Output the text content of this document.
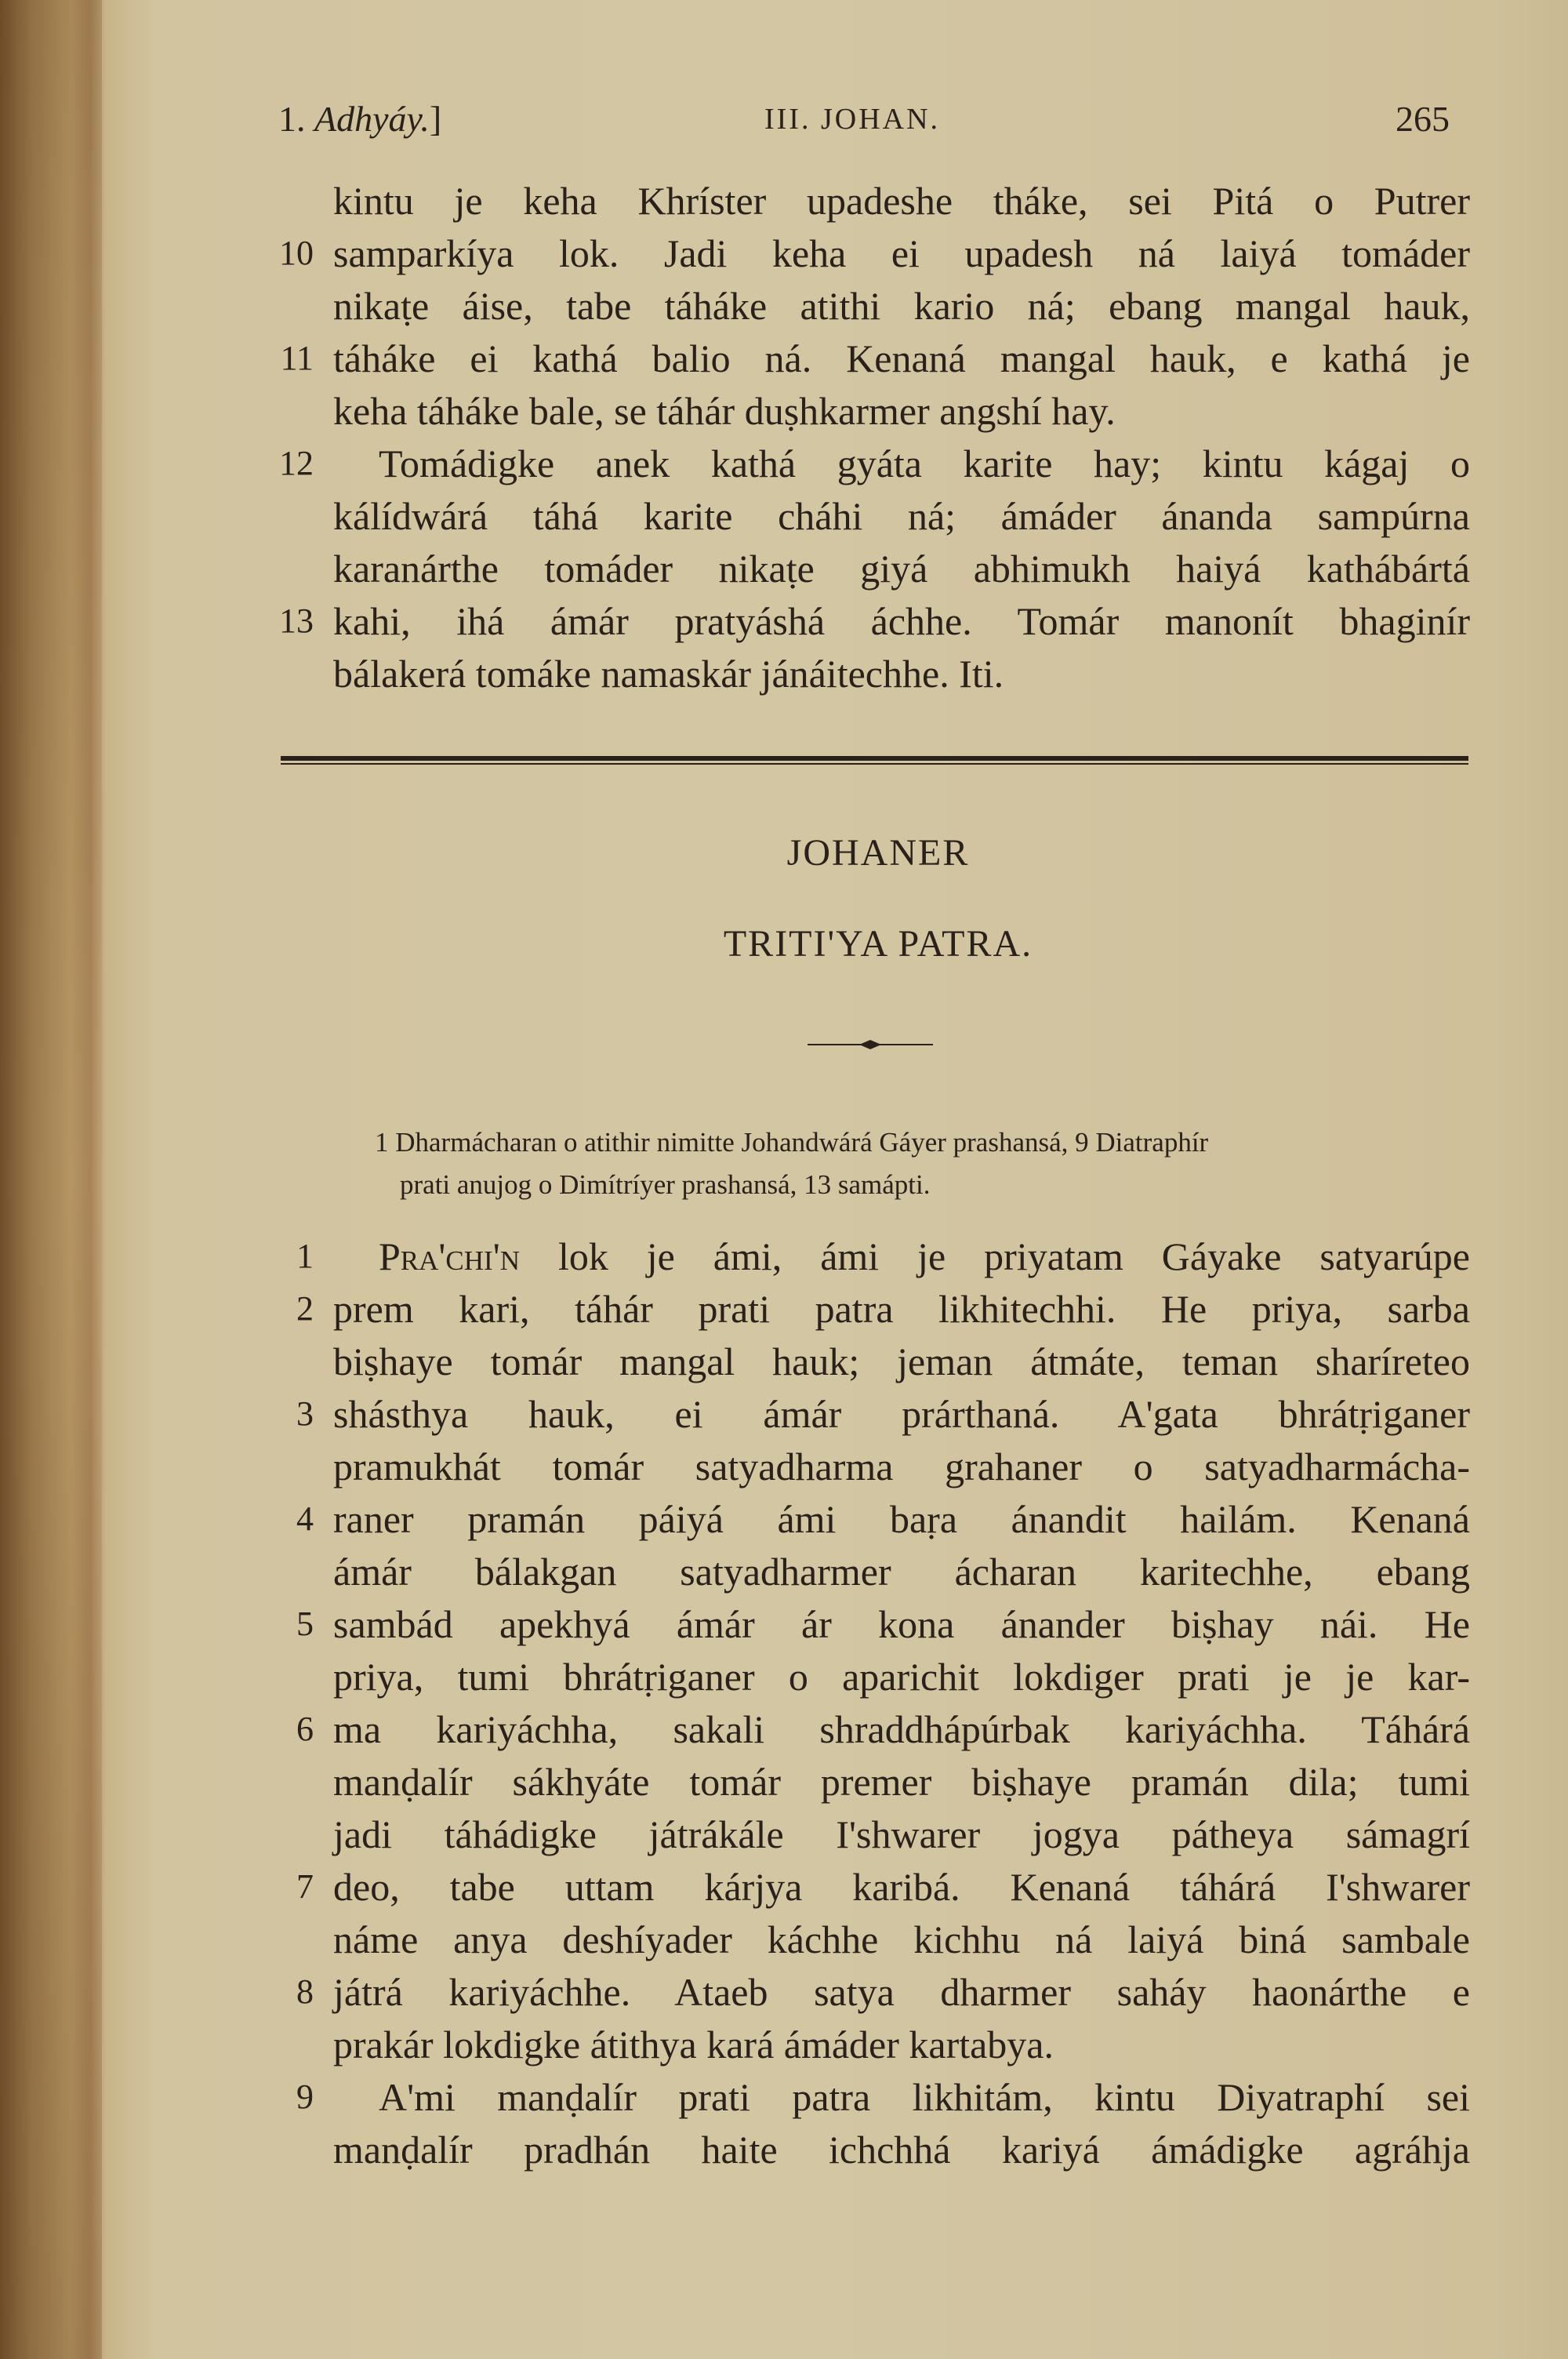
1. Adhyáy.]	III. JOHAN.	265
kintu je keha Khríster upadeshe tháke, sei Pitá o Putrer
10 samparkíya lok. Jadi keha ei upadesh ná laiyá tomáder
nikaṭe áise, tabe táháke atithi kario ná; ebang mangal hauk,
11 táháke ei kathá balio ná. Kenaná mangal hauk, e kathá je
keha táháke bale, se táhár duṣhkarmer angshí hay.
12	Tomádigke anek kathá gyáta karite hay; kintu kágaj o
kálídwárá táhá karite cháhi ná; ámáder ánanda sampúrna
karanárthe tomáder nikaṭe giyá abhimukh haiyá kathábártá
13 kahi, ihá ámár pratyáshá áchhe. Tomár manonít bhaginír
bálakerá tomáke namaskár jánáitechhe. Iti.
JOHANER
TRITI'YA PATRA.
1 Dharmácharan o atithir nimitte Johandwárá Gáyer prashansá, 9 Diatraphír
prati anujog o Dimítríyer prashansá, 13 samápti.
1	Pra'chi'n lok je ámi, ámi je priyatam Gáyake satyarúpe
2 prem kari, táhár prati patra likhitechhi. He priya, sarba
biṣhaye tomár mangal hauk; jeman átmáte, teman sharíreteo
3 shásthya hauk, ei ámár prárthaná. A'gata bhrátṛiganer
pramukhát tomár satyadharma grahaner o satyadharmácha-
4 raner pramán páiyá ámi baṛa ánandit hailám. Kenaná
ámár bálakgan satyadharmer ácharan karitechhe, ebang
5 sambád apekhyá ámár ár kona ánander biṣhay nái. He
priya, tumi bhrátṛiganer o aparichit lokdiger prati je je kar-
6 ma kariyáchha, sakali shraddhápúrbak kariyáchha. Táhárá
manḍalír sákhyáte tomár premer biṣhaye pramán dila; tumi
jadi táhádigke játrákále I'shwarer jogya pátheya sámagrí
7 deo, tabe uttam kárjya karibá. Kenaná táhárá I'shwarer
náme anya deshíyader káchhe kichhu ná laiyá biná sambale
8 játrá kariyáchhe. Ataeb satya dharmer saháy haonárthe e
prakár lokdigke átithya kará ámáder kartabya.
9	A'mi manḍalír prati patra likhitám, kintu Diyatraphí sei
manḍalír pradhán haite ichchhá kariyá ámádigke agráhja
